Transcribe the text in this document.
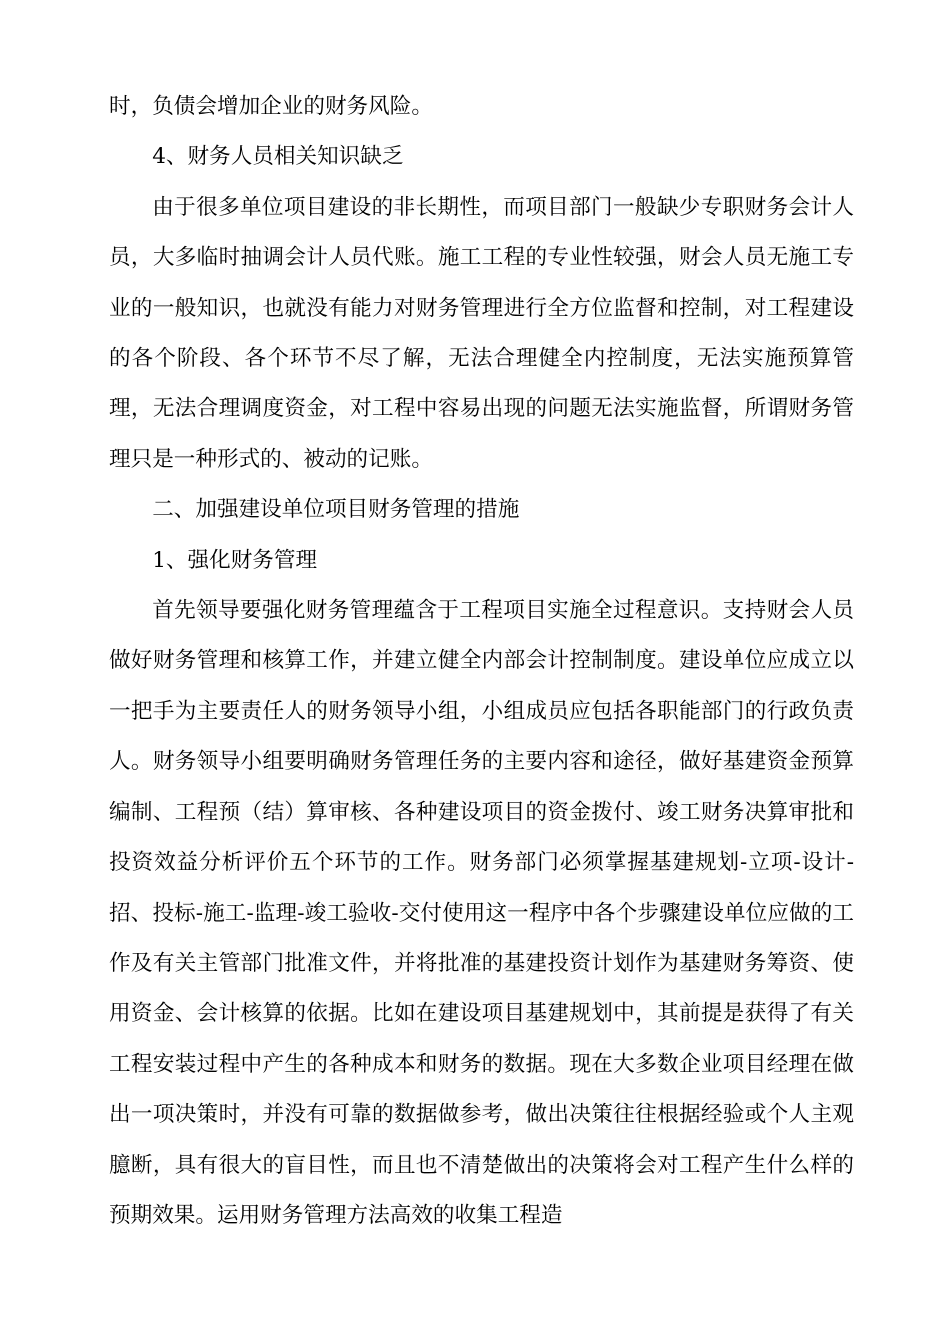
时，负债会增加企业的财务风险。

4、财务人员相关知识缺乏

由于很多单位项目建设的非长期性，而项目部门一般缺少专职财务会计人员，大多临时抽调会计人员代账。施工工程的专业性较强，财会人员无施工专业的一般知识，也就没有能力对财务管理进行全方位监督和控制，对工程建设的各个阶段、各个环节不尽了解，无法合理健全内控制度，无法实施预算管理，无法合理调度资金，对工程中容易出现的问题无法实施监督，所谓财务管理只是一种形式的、被动的记账。

二、加强建设单位项目财务管理的措施

1、强化财务管理

首先领导要强化财务管理蕴含于工程项目实施全过程意识。支持财会人员做好财务管理和核算工作，并建立健全内部会计控制制度。建设单位应成立以一把手为主要责任人的财务领导小组，小组成员应包括各职能部门的行政负责人。财务领导小组要明确财务管理任务的主要内容和途径，做好基建资金预算编制、工程预（结）算审核、各种建设项目的资金拨付、竣工财务决算审批和投资效益分析评价五个环节的工作。财务部门必须掌握基建规划-立项-设计-招、投标-施工-监理-竣工验收-交付使用这一程序中各个步骤建设单位应做的工作及有关主管部门批准文件，并将批准的基建投资计划作为基建财务筹资、使用资金、会计核算的依据。比如在建设项目基建规划中，其前提是获得了有关工程安装过程中产生的各种成本和财务的数据。现在大多数企业项目经理在做出一项决策时，并没有可靠的数据做参考，做出决策往往根据经验或个人主观臆断，具有很大的盲目性，而且也不清楚做出的决策将会对工程产生什么样的预期效果。运用财务管理方法高效的收集工程造
